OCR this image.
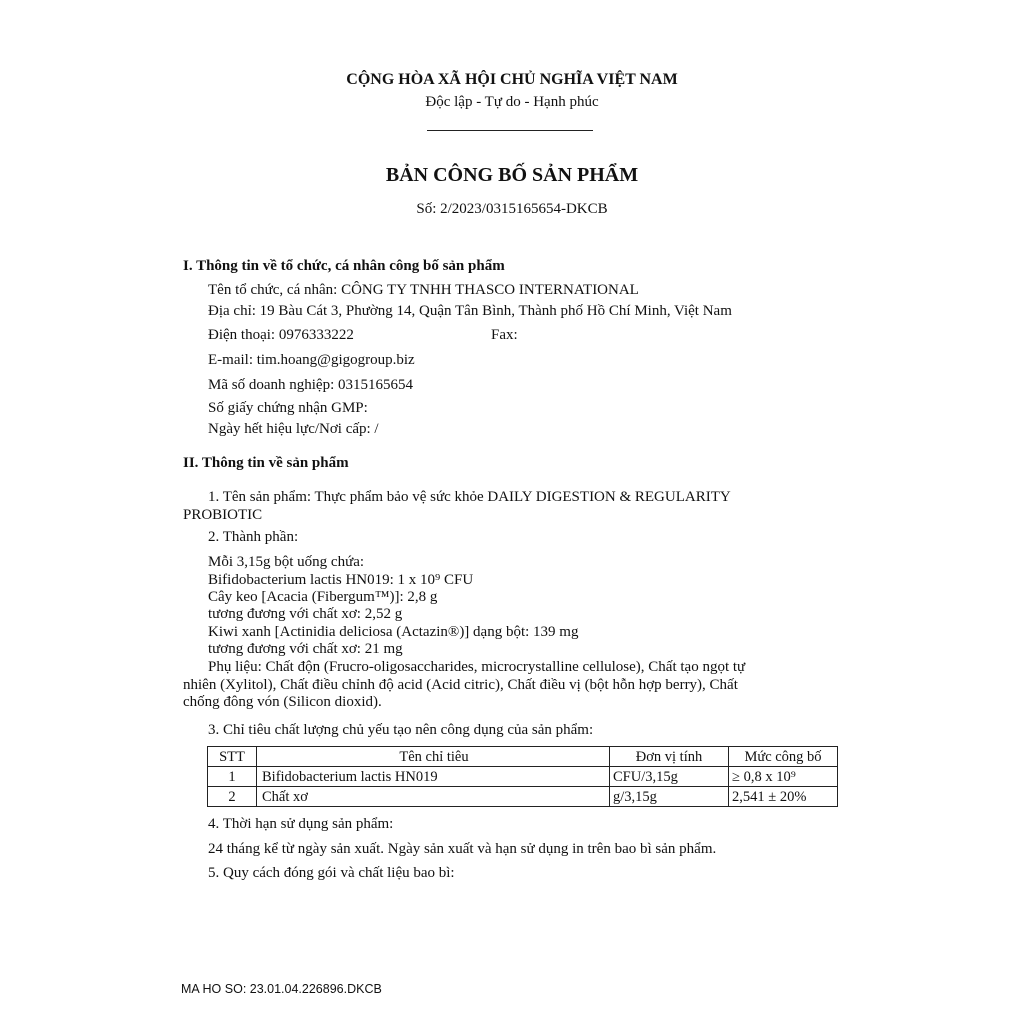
CỘNG HÒA XÃ HỘI CHỦ NGHĨA VIỆT NAM
Độc lập - Tự do - Hạnh phúc
BẢN CÔNG BỐ SẢN PHẨM
Số: 2/2023/0315165654-DKCB
I. Thông tin về tổ chức, cá nhân công bố sản phẩm
Tên tổ chức, cá nhân: CÔNG TY TNHH THASCO INTERNATIONAL
Địa chỉ: 19 Bàu Cát 3, Phường 14, Quận Tân Bình, Thành phố Hồ Chí Minh, Việt Nam
Điện thoại: 0976333222	Fax:
E-mail: tim.hoang@gigogroup.biz
Mã số doanh nghiệp: 0315165654
Số giấy chứng nhận GMP:
Ngày hết hiệu lực/Nơi cấp: /
II. Thông tin về sản phẩm
1. Tên sản phẩm: Thực phẩm bảo vệ sức khỏe DAILY DIGESTION & REGULARITY
PROBIOTIC
2. Thành phần:
Mỗi 3,15g bột uống chứa:
Bifidobacterium lactis HN019: 1 x 10⁹ CFU
Cây keo [Acacia (Fibergum™)]: 2,8 g
tương đương với chất xơ: 2,52 g
Kiwi xanh [Actinidia deliciosa (Actazin®)] dạng bột: 139 mg
tương đương với chất xơ: 21 mg
Phụ liệu: Chất độn (Frucro-oligosaccharides, microcrystalline cellulose), Chất tạo ngọt tự
nhiên (Xylitol), Chất điều chỉnh độ acid (Acid citric), Chất điều vị (bột hỗn hợp berry), Chất
chống đông vón (Silicon dioxid).
3. Chỉ tiêu chất lượng chủ yếu tạo nên công dụng của sản phẩm:
STT	Tên chỉ tiêu	Đơn vị tính	Mức công bố
1	Bifidobacterium lactis HN019	CFU/3,15g	≥ 0,8 x 10⁹
2	Chất xơ	g/3,15g	2,541 ± 20%
4. Thời hạn sử dụng sản phẩm:
24 tháng kể từ ngày sản xuất. Ngày sản xuất và hạn sử dụng in trên bao bì sản phẩm.
5. Quy cách đóng gói và chất liệu bao bì:
MA HO SO: 23.01.04.226896.DKCB
